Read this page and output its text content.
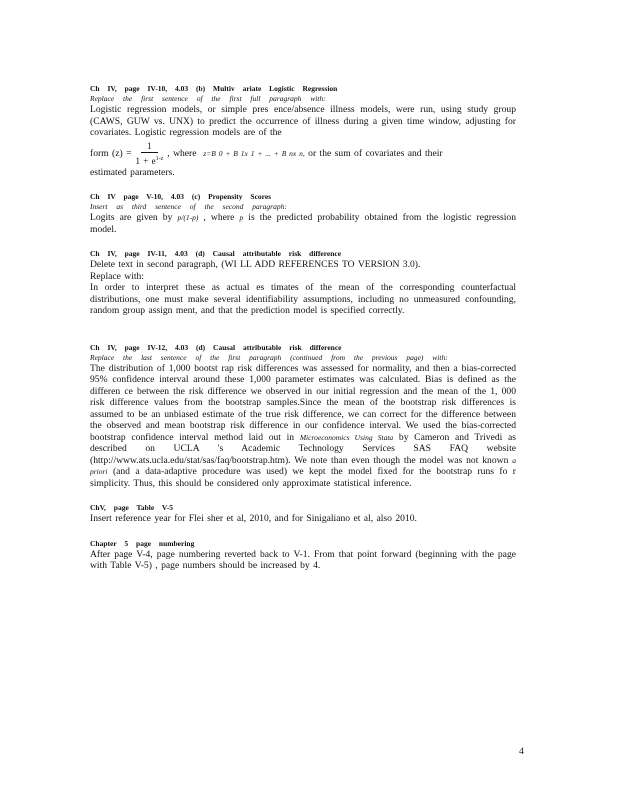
Ch IV, page IV-10, 4.03 (b) Multiv ariate Logistic Regression
Replace the first sentence of the first full paragraph with:

Logistic regression models, or simple pres ence/absence illness models, were run, using study group (CAWS, GUW vs. UNX) to predict the occurrence of illness during a given time window, adjusting for covariates. Logistic regression models are of the

form $(z) = \frac{1}{1 + e^{1-z}}$ , where
z=B 0 + B 1x 1 + ... + B nx n,
or the sum of covariates and their

estimated parameters.

Ch IV page V-10, 4.03 (c) Propensity Scores
Insert as third sentence of the second paragraph:

Logits are given by p/(1-p) , where p is the predicted probability obtained from the logistic regression model.

Ch IV, page IV-11, 4.03 (d) Causal attributable risk difference

Delete text in second paragraph, (WI LL ADD REFERENCES TO VERSION 3.0).

Replace with:

In order to interpret these as actual es timates of the mean of the corresponding counterfactual distributions, one must make several identifiability assumptions, including no unmeasured confounding, random group assign ment, and that the prediction model is specified correctly.

Ch IV, page IV-12, 4.03 (d) Causal attributable risk difference
Replace the last sentence of the first paragraph (continued from the previous page) with:

The distribution of 1,000 bootst rap risk differences was assessed for normality, and then a bias-corrected 95% confidence interval around these 1,000 parameter estimates was calculated. Bias is defined as the differen ce between the risk difference we observed in our initial regression and the mean of the 1, 000 risk difference values from the bootstrap samples.Since the mean of the bootstrap risk differences is assumed to be an unbiased estimate of the true risk difference, we can correct for the difference between the observed and mean bootstrap risk difference in our confidence interval. We used the bias-corrected bootstrap confidence interval method laid out in Microeconomics Using Stata by Cameron and Trivedi as described on UCLA 's Academic Technology Services SAS FAQ website (http://www.ats.ucla.edu/stat/sas/faq/bootstrap.htm). We note than even though the model was not known a priori (and a data-adaptive procedure was used) we kept the model fixed for the bootstrap runs fo r simplicity. Thus, this should be considered only approximate statistical inference.

ChV, page Table V-5

Insert reference year for Flei sher et al, 2010, and for Sinigaliano et al, also 2010.

Chapter 5 page numbering

After page V-4, page numbering reverted back to V-1. From that point forward (beginning with the page with Table V-5) , page numbers should be increased by 4.

4
